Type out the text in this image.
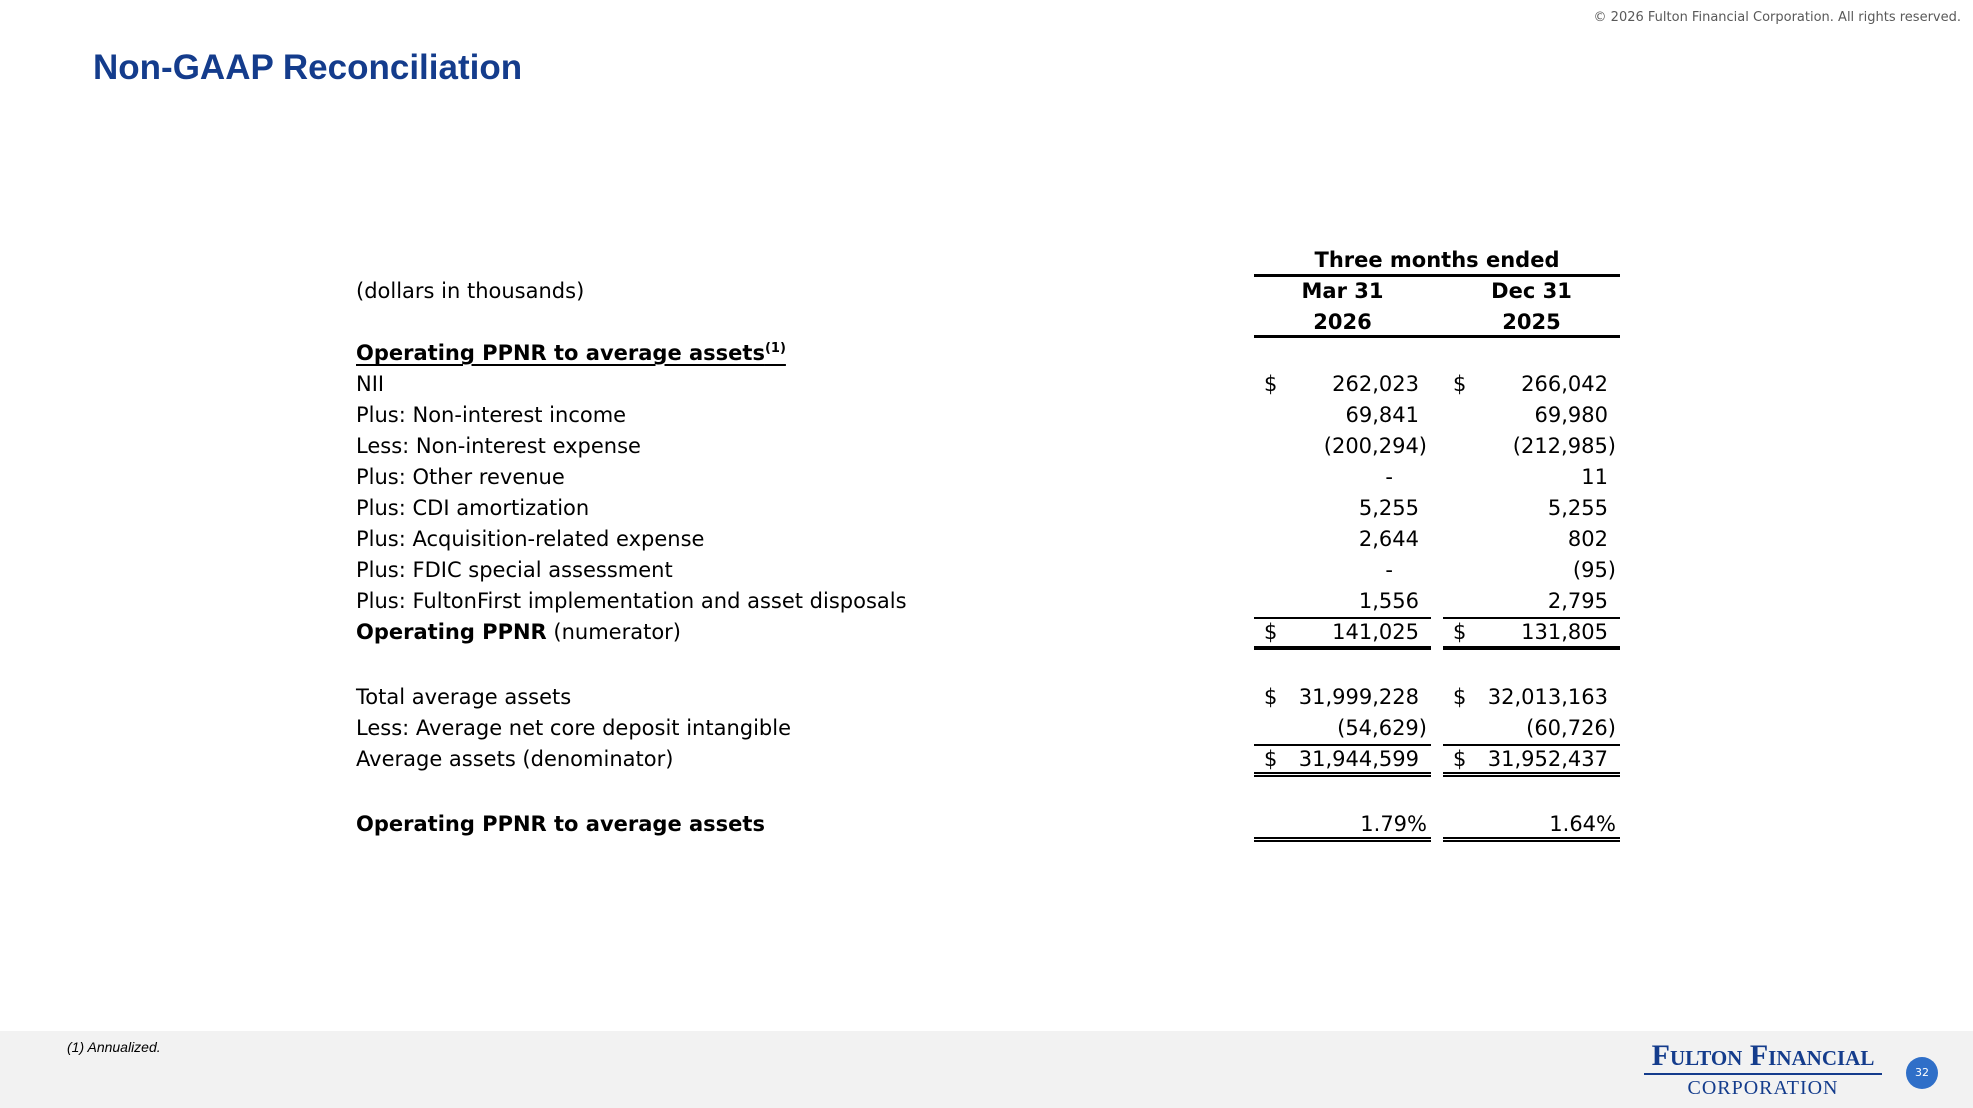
© 2026 Fulton Financial Corporation. All rights reserved.
Non-GAAP Reconciliation
Three months ended
(dollars in thousands)	Mar 31	Dec 31
2026	2025
Operating PPNR to average assets$^{(1)}$
NII	$	262,023 $	266,042
Plus: Non-interest income	69,841	69,980
Less: Non-interest expense	(200,294)	(212,985)
Plus: Other revenue	-	11
Plus: CDI amortization	5,255	5,255
Plus: Acquisition-related expense	2,644	802
Plus: FDIC special assessment	-	(95)
Plus: FultonFirst implementation and asset disposals	1,556	2,795
Operating PPNR (numerator)	$	141,025 $	131,805
Total average assets	$ 31,999,228 $ 32,013,163
Less: Average net core deposit intangible	(54,629)	(60,726)
Average assets (denominator)	$ 31,944,599 $ 31,952,437
Operating PPNR to average assets	1.79%	1.64%
(1) Annualized.	Fulton Financial
CORPORATION
32
